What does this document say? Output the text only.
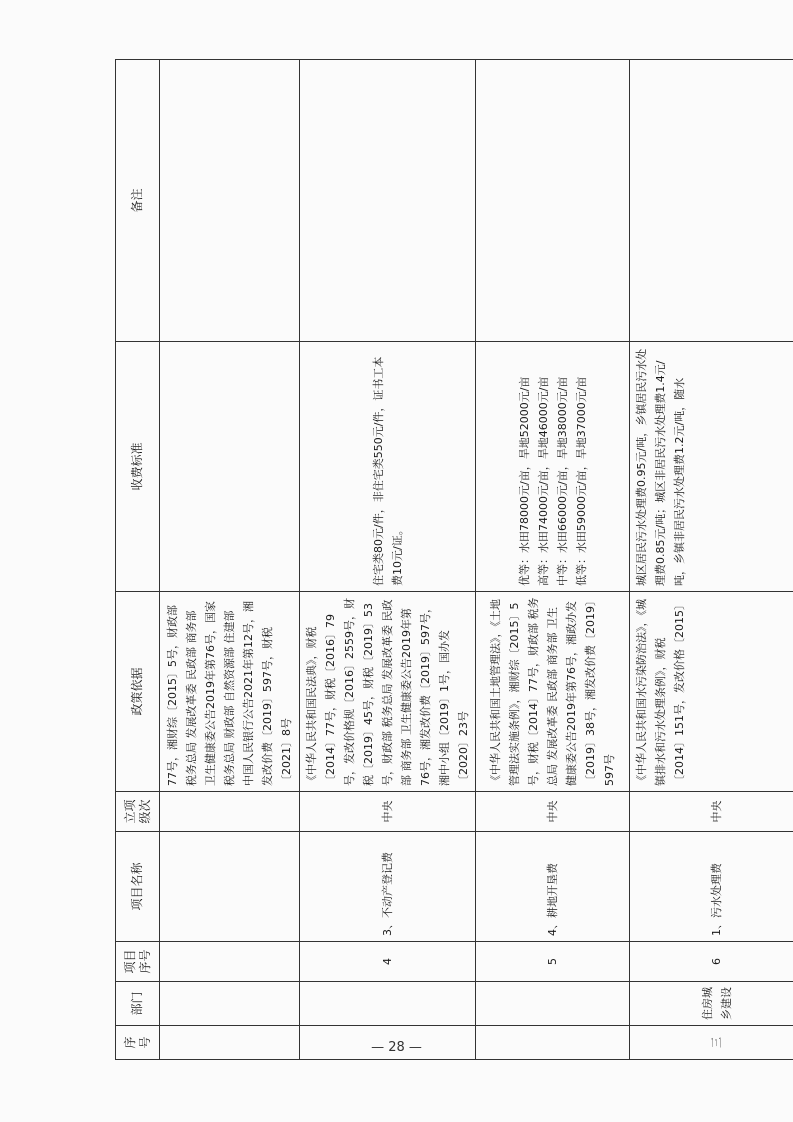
序号	部门	项目序号	项目名称	立项级次	政策依据	收费标准	备注
					77号，湘财综〔2015〕5号，财政部 税务总局 发展改革委 民政部 商务部 卫生健康委公告2019年第76号，国家税务总局 财政部 自然资源部 住建部 中国人民银行公告2021年第12号，湘发改价费〔2019〕597号，财税〔2021〕8号		
		4	3、不动产登记费	中央	《中华人民共和国民法典》，财税〔2014〕77号，财税〔2016〕79号，发改价格规〔2016〕2559号，财税〔2019〕45号，财税〔2019〕53号，财政部 税务总局 发展改革委 民政部 商务部 卫生健康委公告2019年第76号，湘发改价费〔2019〕597号，湘中小组〔2019〕1号，国办发〔2020〕23号	住宅类80元/件，非住宅类550元/件，证书工本费10元/证。	
		5	4、耕地开垦费	中央	《中华人民共和国土地管理法》，《土地管理法实施条例》，湘财综〔2015〕5号，财税〔2014〕77号，财政部 税务总局 发展改革委 民政部 商务部 卫生健康委公告2019年第76号，湘政办发〔2019〕38号，湘发改价费〔2019〕597号	优等：水田78000元/亩，旱地52000元/亩 高等：水田74000元/亩，旱地46000元/亩 中等：水田66000元/亩，旱地38000元/亩 低等：水田59000元/亩，旱地37000元/亩	

三	住房城乡建设	6	1、污水处理费	中央	《中华人民共和国水污染防治法》，《城镇排水和污水处理条例》，财税〔2014〕151号，发改价格〔2015〕	城区居民污水处理费0.95元/吨，乡镇居民污水处理费0.85元/吨；城区非居民污水处理费1.4元/吨，乡镇非居民污水处理费1.2元/吨，随水	
— 28 —
